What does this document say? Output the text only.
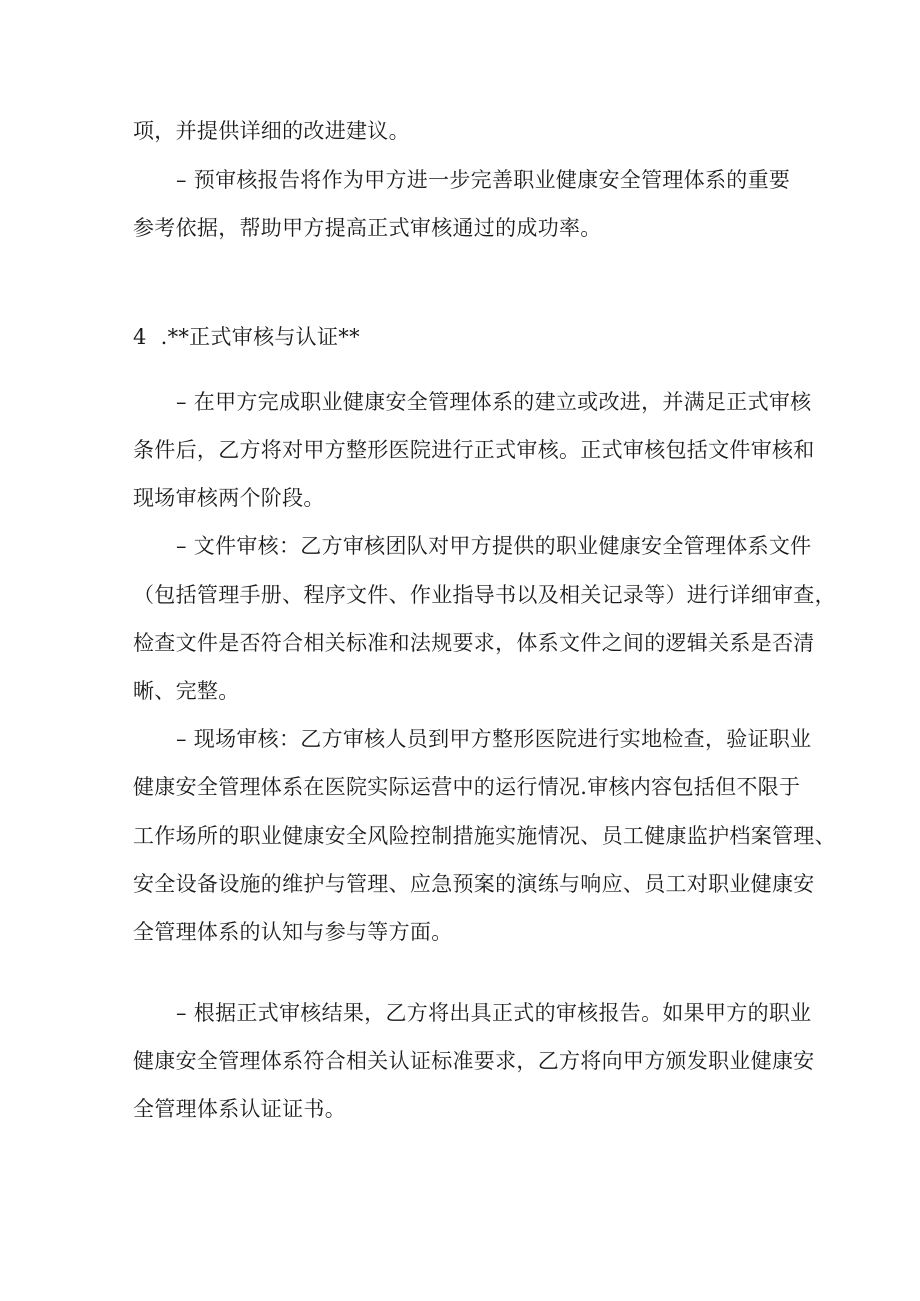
项，并提供详细的改进建议。
– 预审核报告将作为甲方进一步完善职业健康安全管理体系的重要
参考依据，帮助甲方提高正式审核通过的成功率。
4  .**正式审核与认证**
– 在甲方完成职业健康安全管理体系的建立或改进，并满足正式审核
条件后，乙方将对甲方整形医院进行正式审核。正式审核包括文件审核和
现场审核两个阶段。
– 文件审核：乙方审核团队对甲方提供的职业健康安全管理体系文件
（包括管理手册、程序文件、作业指导书以及相关记录等）进行详细审查，
检查文件是否符合相关标准和法规要求，体系文件之间的逻辑关系是否清
晰、完整。
– 现场审核：乙方审核人员到甲方整形医院进行实地检查，验证职业
健康安全管理体系在医院实际运营中的运行情况.审核内容包括但不限于
工作场所的职业健康安全风险控制措施实施情况、员工健康监护档案管理、
安全设备设施的维护与管理、应急预案的演练与响应、员工对职业健康安
全管理体系的认知与参与等方面。
– 根据正式审核结果，乙方将出具正式的审核报告。如果甲方的职业
健康安全管理体系符合相关认证标准要求，乙方将向甲方颁发职业健康安
全管理体系认证证书。
